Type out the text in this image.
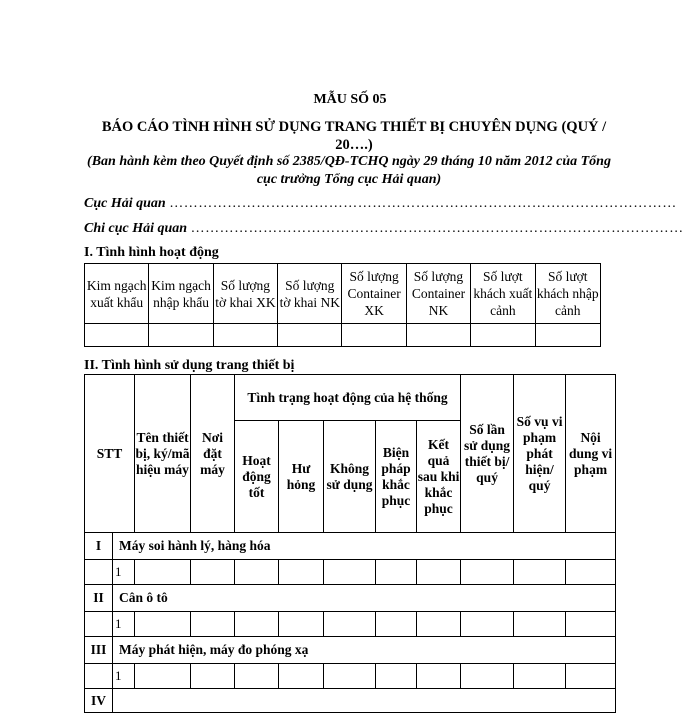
MẪU SỐ 05
BÁO CÁO TÌNH HÌNH SỬ DỤNG TRANG THIẾT BỊ CHUYÊN DỤNG (QUÝ / 20….)
(Ban hành kèm theo Quyết định số 2385/QĐ-TCHQ ngày 29 tháng 10 năm 2012 của Tổng cục trưởng Tổng cục Hải quan)
Cục Hải quan ……………………………………………………………………………………………
Chi cục Hải quan …………………………………………………………………………………………
I. Tình hình hoạt động
Kim ngạch xuất khẩu	Kim ngạch nhập khẩu	Số lượng tờ khai XK	Số lượng tờ khai NK	Số lượng Container XK	Số lượng Container NK	Số lượt khách xuất cảnh	Số lượt khách nhập cảnh

II. Tình hình sử dụng trang thiết bị
STT		Tên thiết bị, ký/mã hiệu máy	Nơi đặt máy	Tình trạng hoạt động của hệ thống					Số lần sử dụng thiết bị/ quý	Số vụ vi phạm phát hiện/ quý	Nội dung vi phạm
				Hoạt động tốt	Hư hỏng	Không sử dụng	Biện pháp khắc phục	Kết quả sau khi khắc phục			
I	Máy soi hành lý, hàng hóa										
	1										
II	Cân ô tô										
	1										
III	Máy phát hiện, máy đo phóng xạ										
	1										
IV											
